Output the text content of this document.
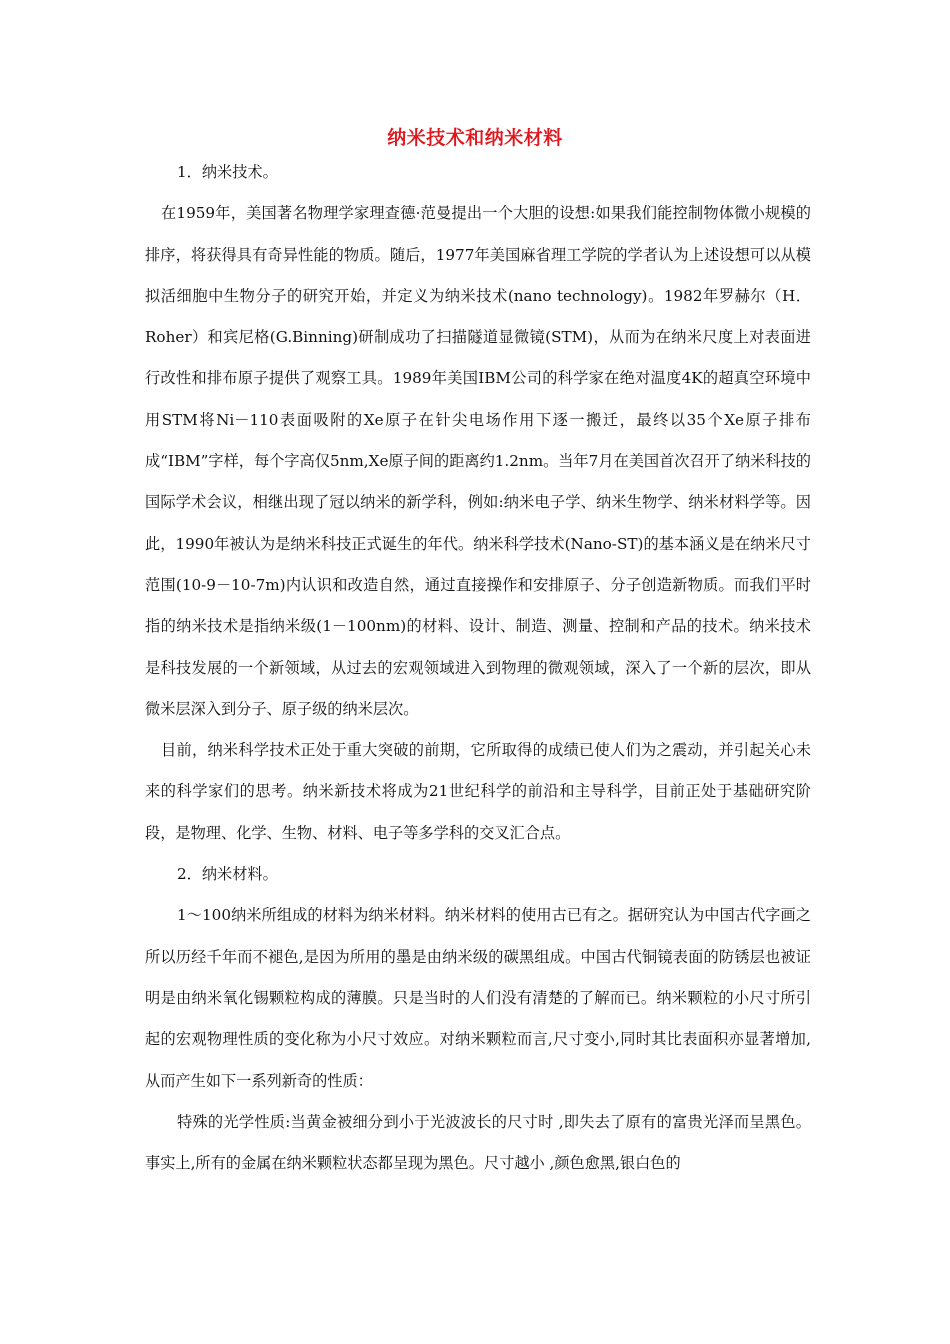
纳米技术和纳米材料

1．纳米技术。

在1959年，美国著名物理学家理查德·范曼提出一个大胆的设想:如果我们能控制物体微小规模的排序，将获得具有奇异性能的物质。随后，1977年美国麻省理工学院的学者认为上述设想可以从模拟活细胞中生物分子的研究开始，并定义为纳米技术(nano technology)。1982年罗赫尔（H．Roher）和宾尼格(G.Binning)研制成功了扫描隧道显微镜(STM)，从而为在纳米尺度上对表面进行改性和排布原子提供了观察工具。1989年美国IBM公司的科学家在绝对温度4K的超真空环境中用STM将Ni－110表面吸附的Xe原子在针尖电场作用下逐一搬迁，最终以35个Xe原子排布成“IBM”字样，每个字高仅5nm,Xe原子间的距离约1.2nm。当年7月在美国首次召开了纳米科技的国际学术会议，相继出现了冠以纳米的新学科，例如:纳米电子学、纳米生物学、纳米材料学等。因此，1990年被认为是纳米科技正式诞生的年代。纳米科学技术(Nano-ST)的基本涵义是在纳米尺寸范围(10-9－10-7m)内认识和改造自然，通过直接操作和安排原子、分子创造新物质。而我们平时指的纳米技术是指纳米级(1－100nm)的材料、设计、制造、测量、控制和产品的技术。纳米技术是科技发展的一个新领域，从过去的宏观领域进入到物理的微观领域，深入了一个新的层次，即从微米层深入到分子、原子级的纳米层次。

目前，纳米科学技术正处于重大突破的前期，它所取得的成绩已使人们为之震动，并引起关心未来的科学家们的思考。纳米新技术将成为21世纪科学的前沿和主导科学，目前正处于基础研究阶段，是物理、化学、生物、材料、电子等多学科的交叉汇合点。

2．纳米材料。

1～100纳米所组成的材料为纳米材料。纳米材料的使用古已有之。据研究认为中国古代字画之所以历经千年而不褪色,是因为所用的墨是由纳米级的碳黑组成。中国古代铜镜表面的防锈层也被证明是由纳米氧化锡颗粒构成的薄膜。只是当时的人们没有清楚的了解而已。纳米颗粒的小尺寸所引起的宏观物理性质的变化称为小尺寸效应。对纳米颗粒而言,尺寸变小,同时其比表面积亦显著增加,从而产生如下一系列新奇的性质：

特殊的光学性质:当黄金被细分到小于光波波长的尺寸时 ,即失去了原有的富贵光泽而呈黑色。事实上,所有的金属在纳米颗粒状态都呈现为黑色。尺寸越小 ,颜色愈黑,银白色的
